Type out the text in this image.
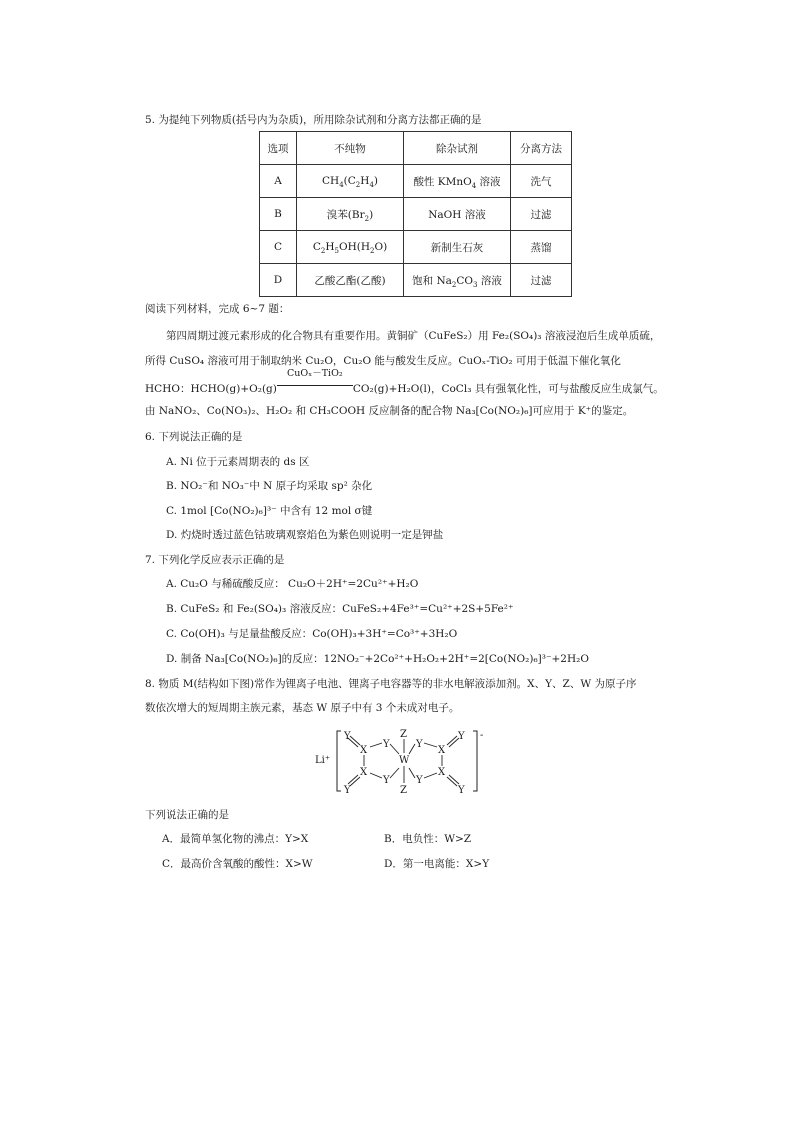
5. 为提纯下列物质(括号内为杂质)，所用除杂试剂和分离方法都正确的是
选项	不纯物	除杂试剂	分离方法
A	$CH_4(C_2H_4)$	酸性 KMnO$_4$ 溶液	洗气
B	溴苯$(Br_2)$	NaOH 溶液	过滤
C	$C_2H_5OH(H_2O)$	新制生石灰	蒸馏
D	乙酸乙酯(乙酸)	饱和 $Na_2CO_3$ 溶液	过滤
阅读下列材料，完成 6~7 题：
第四周期过渡元素形成的化合物具有重要作用。黄铜矿（CuFeS₂）用 Fe₂(SO₄)₃ 溶液浸泡后生成单质硫，
所得 CuSO₄ 溶液可用于制取纳米 Cu₂O，Cu₂O 能与酸发生反应。CuOₓ-TiO₂ 可用于低温下催化氧化
HCHO：HCHO(g)+O₂(g)
CuOₓ－TiO₂
CO₂(g)+H₂O(l)，CoCl₃ 具有强氧化性，可与盐酸反应生成氯气。
由 NaNO₂、Co(NO₃)₂、H₂O₂ 和 CH₃COOH 反应制备的配合物 Na₃[Co(NO₂)₆]可应用于 K⁺的鉴定。
6. 下列说法正确的是
A. Ni 位于元素周期表的 ds 区
B. NO₂⁻和 NO₃⁻中 N 原子均采取 sp² 杂化
C. 1mol [Co(NO₂)₆]³⁻ 中含有 12 mol σ键
D. 灼烧时透过蓝色钴玻璃观察焰色为紫色则说明一定是钾盐
7. 下列化学反应表示正确的是
A. Cu₂O 与稀硫酸反应： Cu₂O＋2H⁺=2Cu²⁺+H₂O
B. CuFeS₂ 和 Fe₂(SO₄)₃ 溶液反应：CuFeS₂+4Fe³⁺=Cu²⁺+2S+5Fe²⁺
C. Co(OH)₃ 与足量盐酸反应：Co(OH)₃+3H⁺=Co³⁺+3H₂O
D. 制备 Na₃[Co(NO₂)₆]的反应：12NO₂⁻+2Co²⁺+H₂O₂+2H⁺=2[Co(NO₂)₆]³⁻+2H₂O
8. 物质 M(结构如下图)常作为锂离子电池、锂离子电容器等的非水电解液添加剂。X、Y、Z、W 为原子序
数依次增大的短周期主族元素，基态 W 原子中有 3 个未成对电子。
Li⁺
-
Y
Y
X
X
Y
Y
Z
W
Z
Y
Y
X
X
Y
Y
下列说法正确的是
A．最简单氢化物的沸点：Y>X	B．电负性：W>Z
C．最高价含氧酸的酸性：X>W	D．第一电离能：X>Y
